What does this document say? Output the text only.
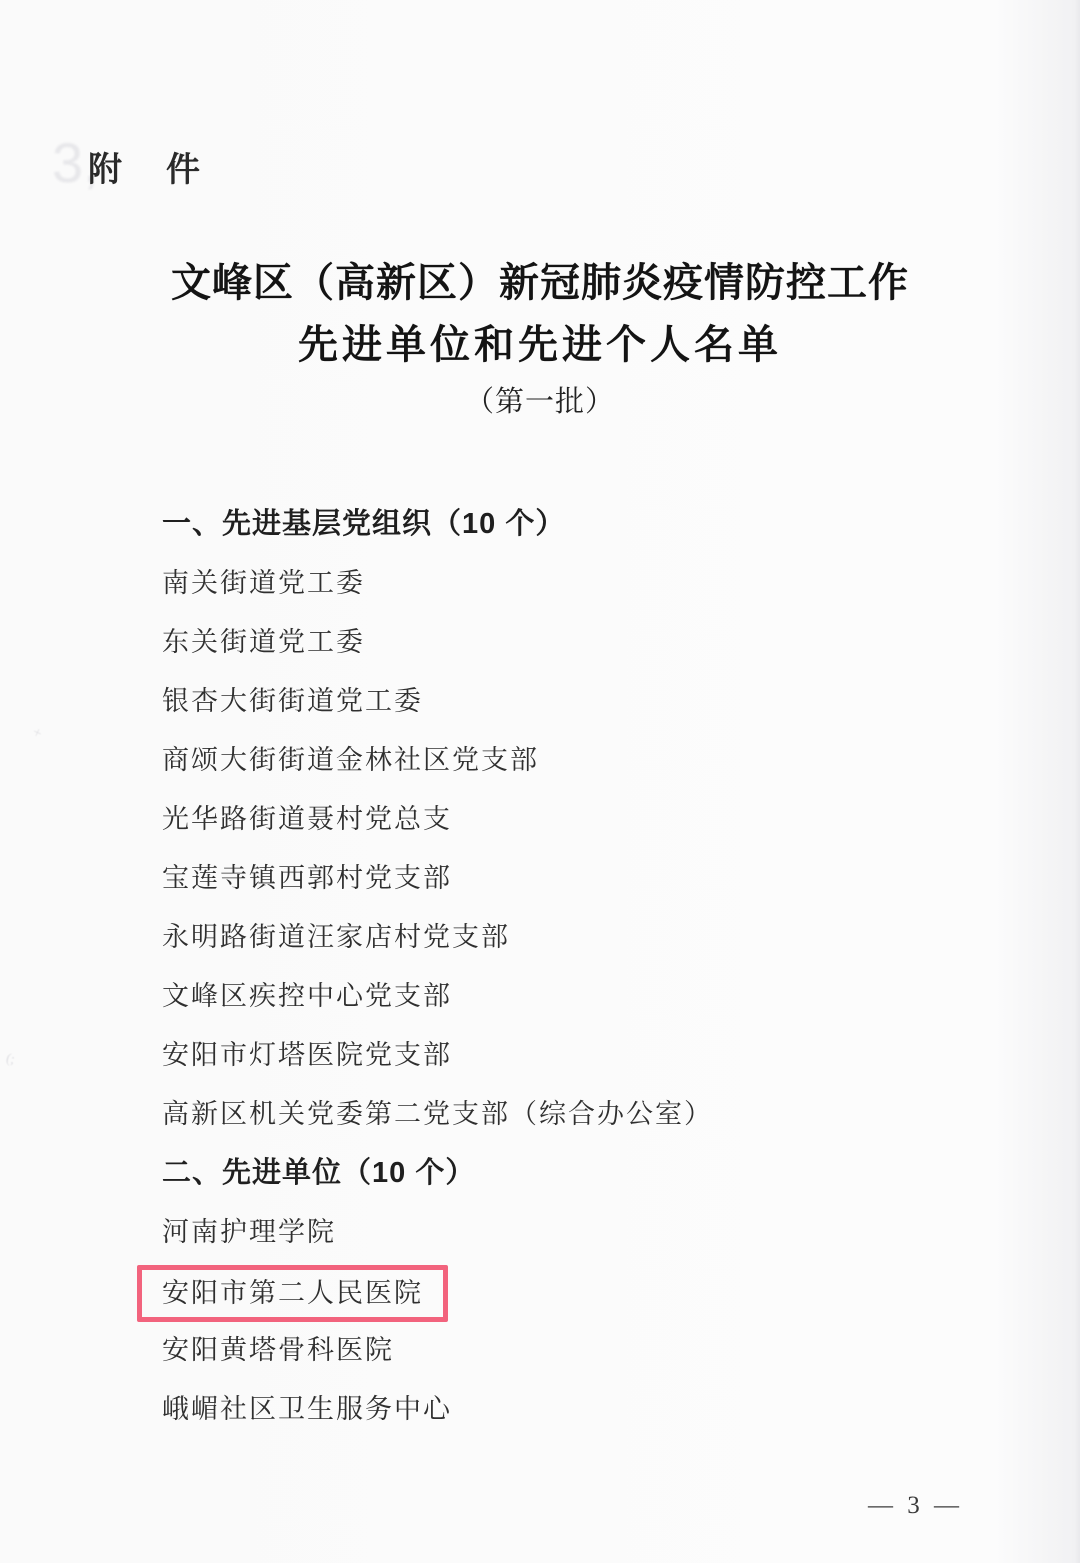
3,
×
(;
附件
文峰区（高新区）新冠肺炎疫情防控工作
先进单位和先进个人名单
（第一批）
一、先进基层党组织（10 个）
南关街道党工委
东关街道党工委
银杏大街街道党工委
商颂大街街道金林社区党支部
光华路街道聂村党总支
宝莲寺镇西郭村党支部
永明路街道汪家店村党支部
文峰区疾控中心党支部
安阳市灯塔医院党支部
高新区机关党委第二党支部（综合办公室）
二、先进单位（10 个）
河南护理学院
安阳市第二人民医院
安阳黄塔骨科医院
峨嵋社区卫生服务中心
— 3 —
